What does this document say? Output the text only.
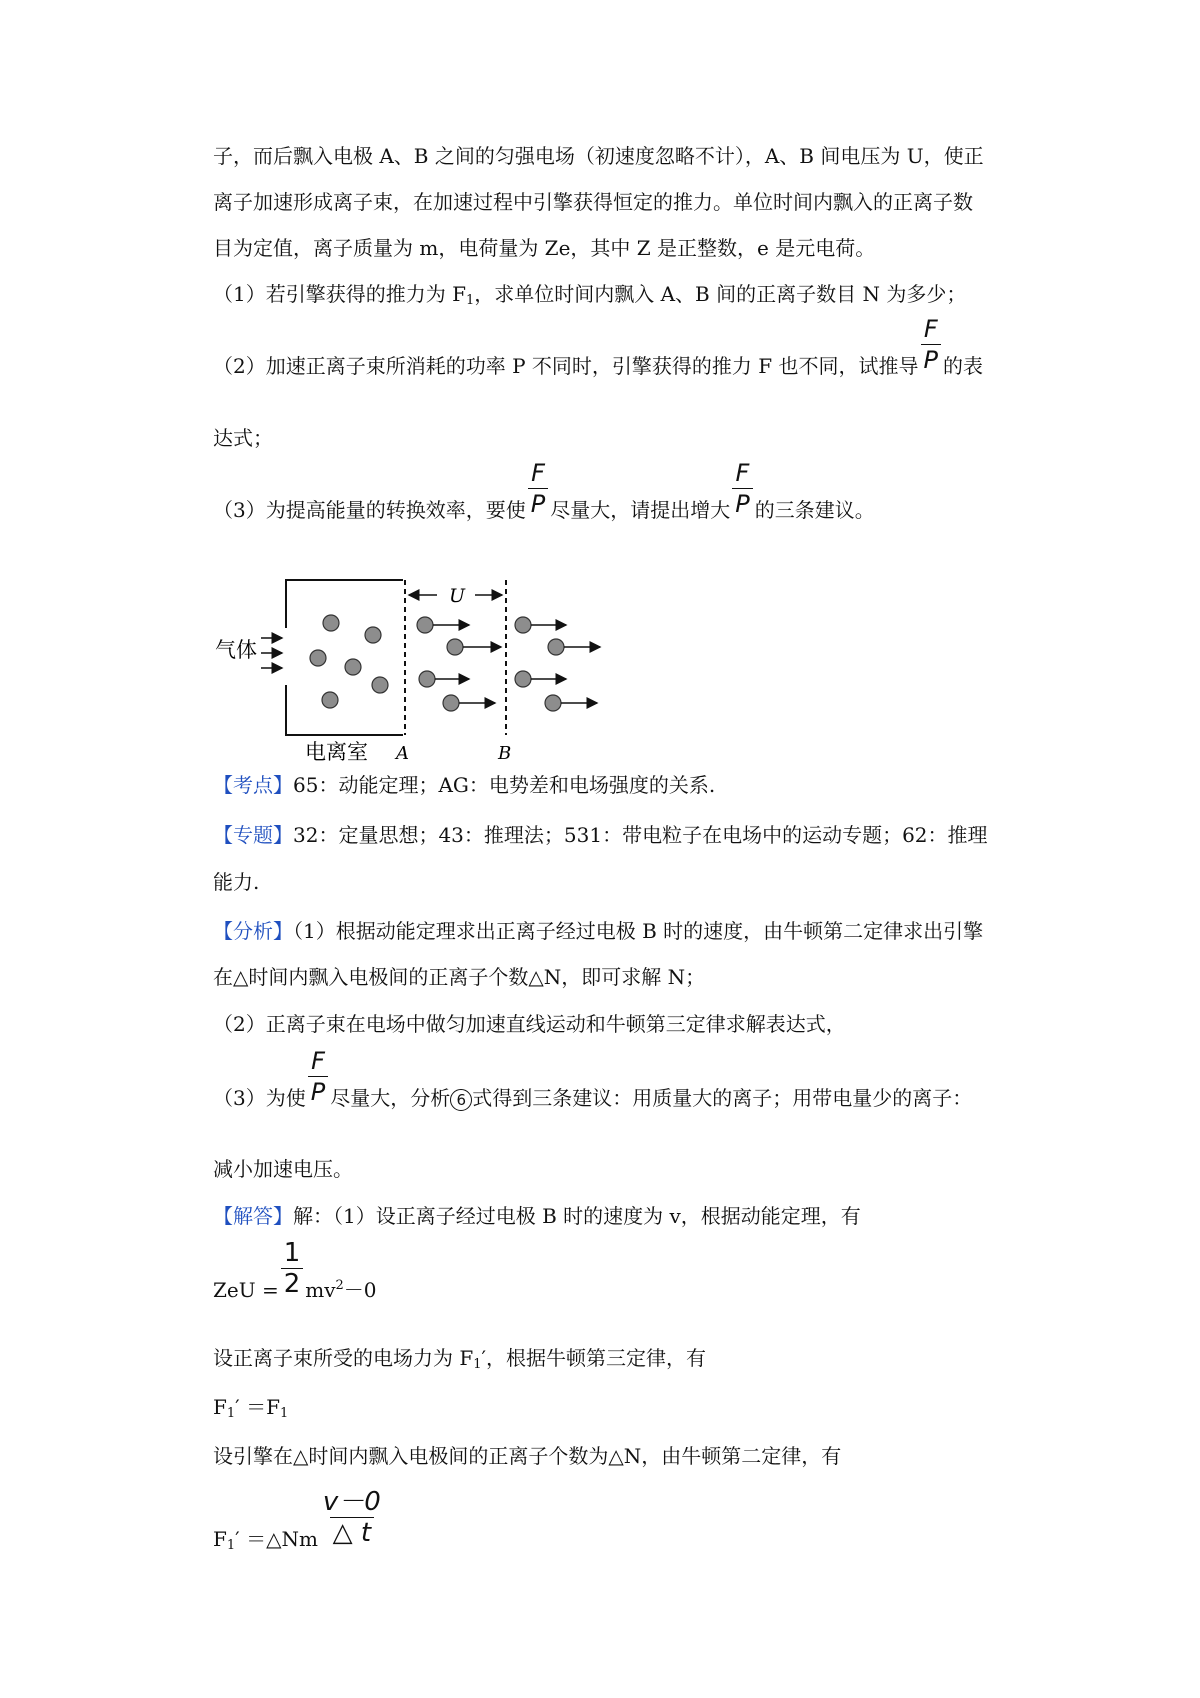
子，而后飘入电极 A、B 之间的匀强电场（初速度忽略不计），A、B 间电压为 U，使正
离子加速形成离子束，在加速过程中引擎获得恒定的推力。单位时间内飘入的正离子数
目为定值，离子质量为 m，电荷量为 Ze，其中 Z 是正整数，e 是元电荷。
（1）若引擎获得的推力为 $F_1$，求单位时间内飘入 A、B 间的正离子数目 N 为多少；
（2）加速正离子束所消耗的功率 P 不同时，引擎获得的推力 F 也不同，试推导 $\frac{F}{P}$ 的表
达式；
（3）为提高能量的转换效率，要使 $\frac{F}{P}$ 尽量大，请提出增大 $\frac{F}{P}$ 的三条建议。
U
气体
电离室 A	B
【考点】65：动能定理；AG：电势差和电场强度的关系.
【专题】32：定量思想；43：推理法；531：带电粒子在电场中的运动专题；62：推理
能力.
【分析】（1）根据动能定理求出正离子经过电极 B 时的速度，由牛顿第二定律求出引擎
在△时间内飘入电极间的正离子个数△N，即可求解 N；
（2）正离子束在电场中做匀加速直线运动和牛顿第三定律求解表达式，
（3）为使 $\frac{F}{P}$ 尽量大，分析 6 式得到三条建议：用质量大的离子；用带电量少的离子：
减小加速电压。
【解答】解：（1）设正离子经过电极 B 时的速度为 v，根据动能定理，有
ZeU = $\frac{1}{2} mv^2-0$
设正离子束所受的电场力为 $F_1'$，根据牛顿第三定律，有
$F_1' =F_1$
设引擎在△时间内飘入电极间的正离子个数为△N，由牛顿第二定律，有
$F_1'$ ＝△Nm $\frac{v-0}{\triangle t}$
